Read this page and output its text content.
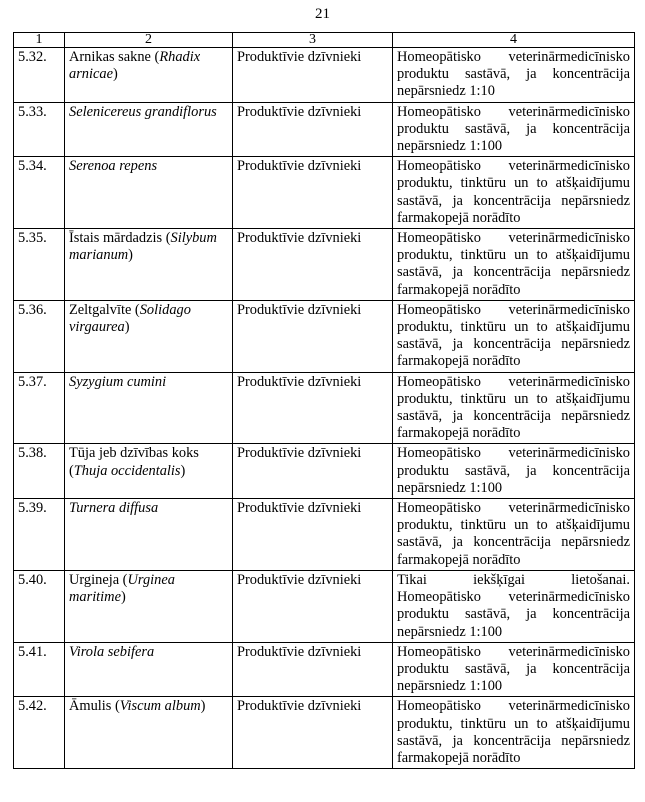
21
1	2	3	4
5.32.	Arnikas sakne (Rhadix arnicae)	Produktīvie dzīvnieki	Homeopātisko veterinārmedicīnisko
produktu sastāvā, ja koncentrācija
nepārsniedz 1:10

5.33.	Selenicereus grandiflorus	Produktīvie dzīvnieki	Homeopātisko veterinārmedicīnisko
produktu sastāvā, ja koncentrācija
nepārsniedz 1:100

5.34.	Serenoa repens	Produktīvie dzīvnieki	Homeopātisko veterinārmedicīnisko
produktu, tinktūru un to atšķaidījumu
sastāvā, ja koncentrācija nepārsniedz
farmakopejā norādīto

5.35.	Īstais mārdadzis (Silybum marianum)	Produktīvie dzīvnieki	Homeopātisko veterinārmedicīnisko
produktu, tinktūru un to atšķaidījumu
sastāvā, ja koncentrācija nepārsniedz
farmakopejā norādīto

5.36.	Zeltgalvīte (Solidago virgaurea)	Produktīvie dzīvnieki	Homeopātisko veterinārmedicīnisko
produktu, tinktūru un to atšķaidījumu
sastāvā, ja koncentrācija nepārsniedz
farmakopejā norādīto

5.37.	Syzygium cumini	Produktīvie dzīvnieki	Homeopātisko veterinārmedicīnisko
produktu, tinktūru un to atšķaidījumu
sastāvā, ja koncentrācija nepārsniedz
farmakopejā norādīto

5.38.	Tūja jeb dzīvības koks (Thuja occidentalis)	Produktīvie dzīvnieki	Homeopātisko veterinārmedicīnisko
produktu sastāvā, ja koncentrācija
nepārsniedz 1:100

5.39.	Turnera diffusa	Produktīvie dzīvnieki	Homeopātisko veterinārmedicīnisko
produktu, tinktūru un to atšķaidījumu
sastāvā, ja koncentrācija nepārsniedz
farmakopejā norādīto

5.40.	Urgineja (Urginea maritime)	Produktīvie dzīvnieki	Tikai iekšķīgai lietošanai.
Homeopātisko veterinārmedicīnisko
produktu sastāvā, ja koncentrācija
nepārsniedz 1:100

5.41.	Virola sebifera	Produktīvie dzīvnieki	Homeopātisko veterinārmedicīnisko
produktu sastāvā, ja koncentrācija
nepārsniedz 1:100

5.42.	Āmulis (Viscum album)	Produktīvie dzīvnieki	Homeopātisko veterinārmedicīnisko
produktu, tinktūru un to atšķaidījumu
sastāvā, ja koncentrācija nepārsniedz
farmakopejā norādīto
